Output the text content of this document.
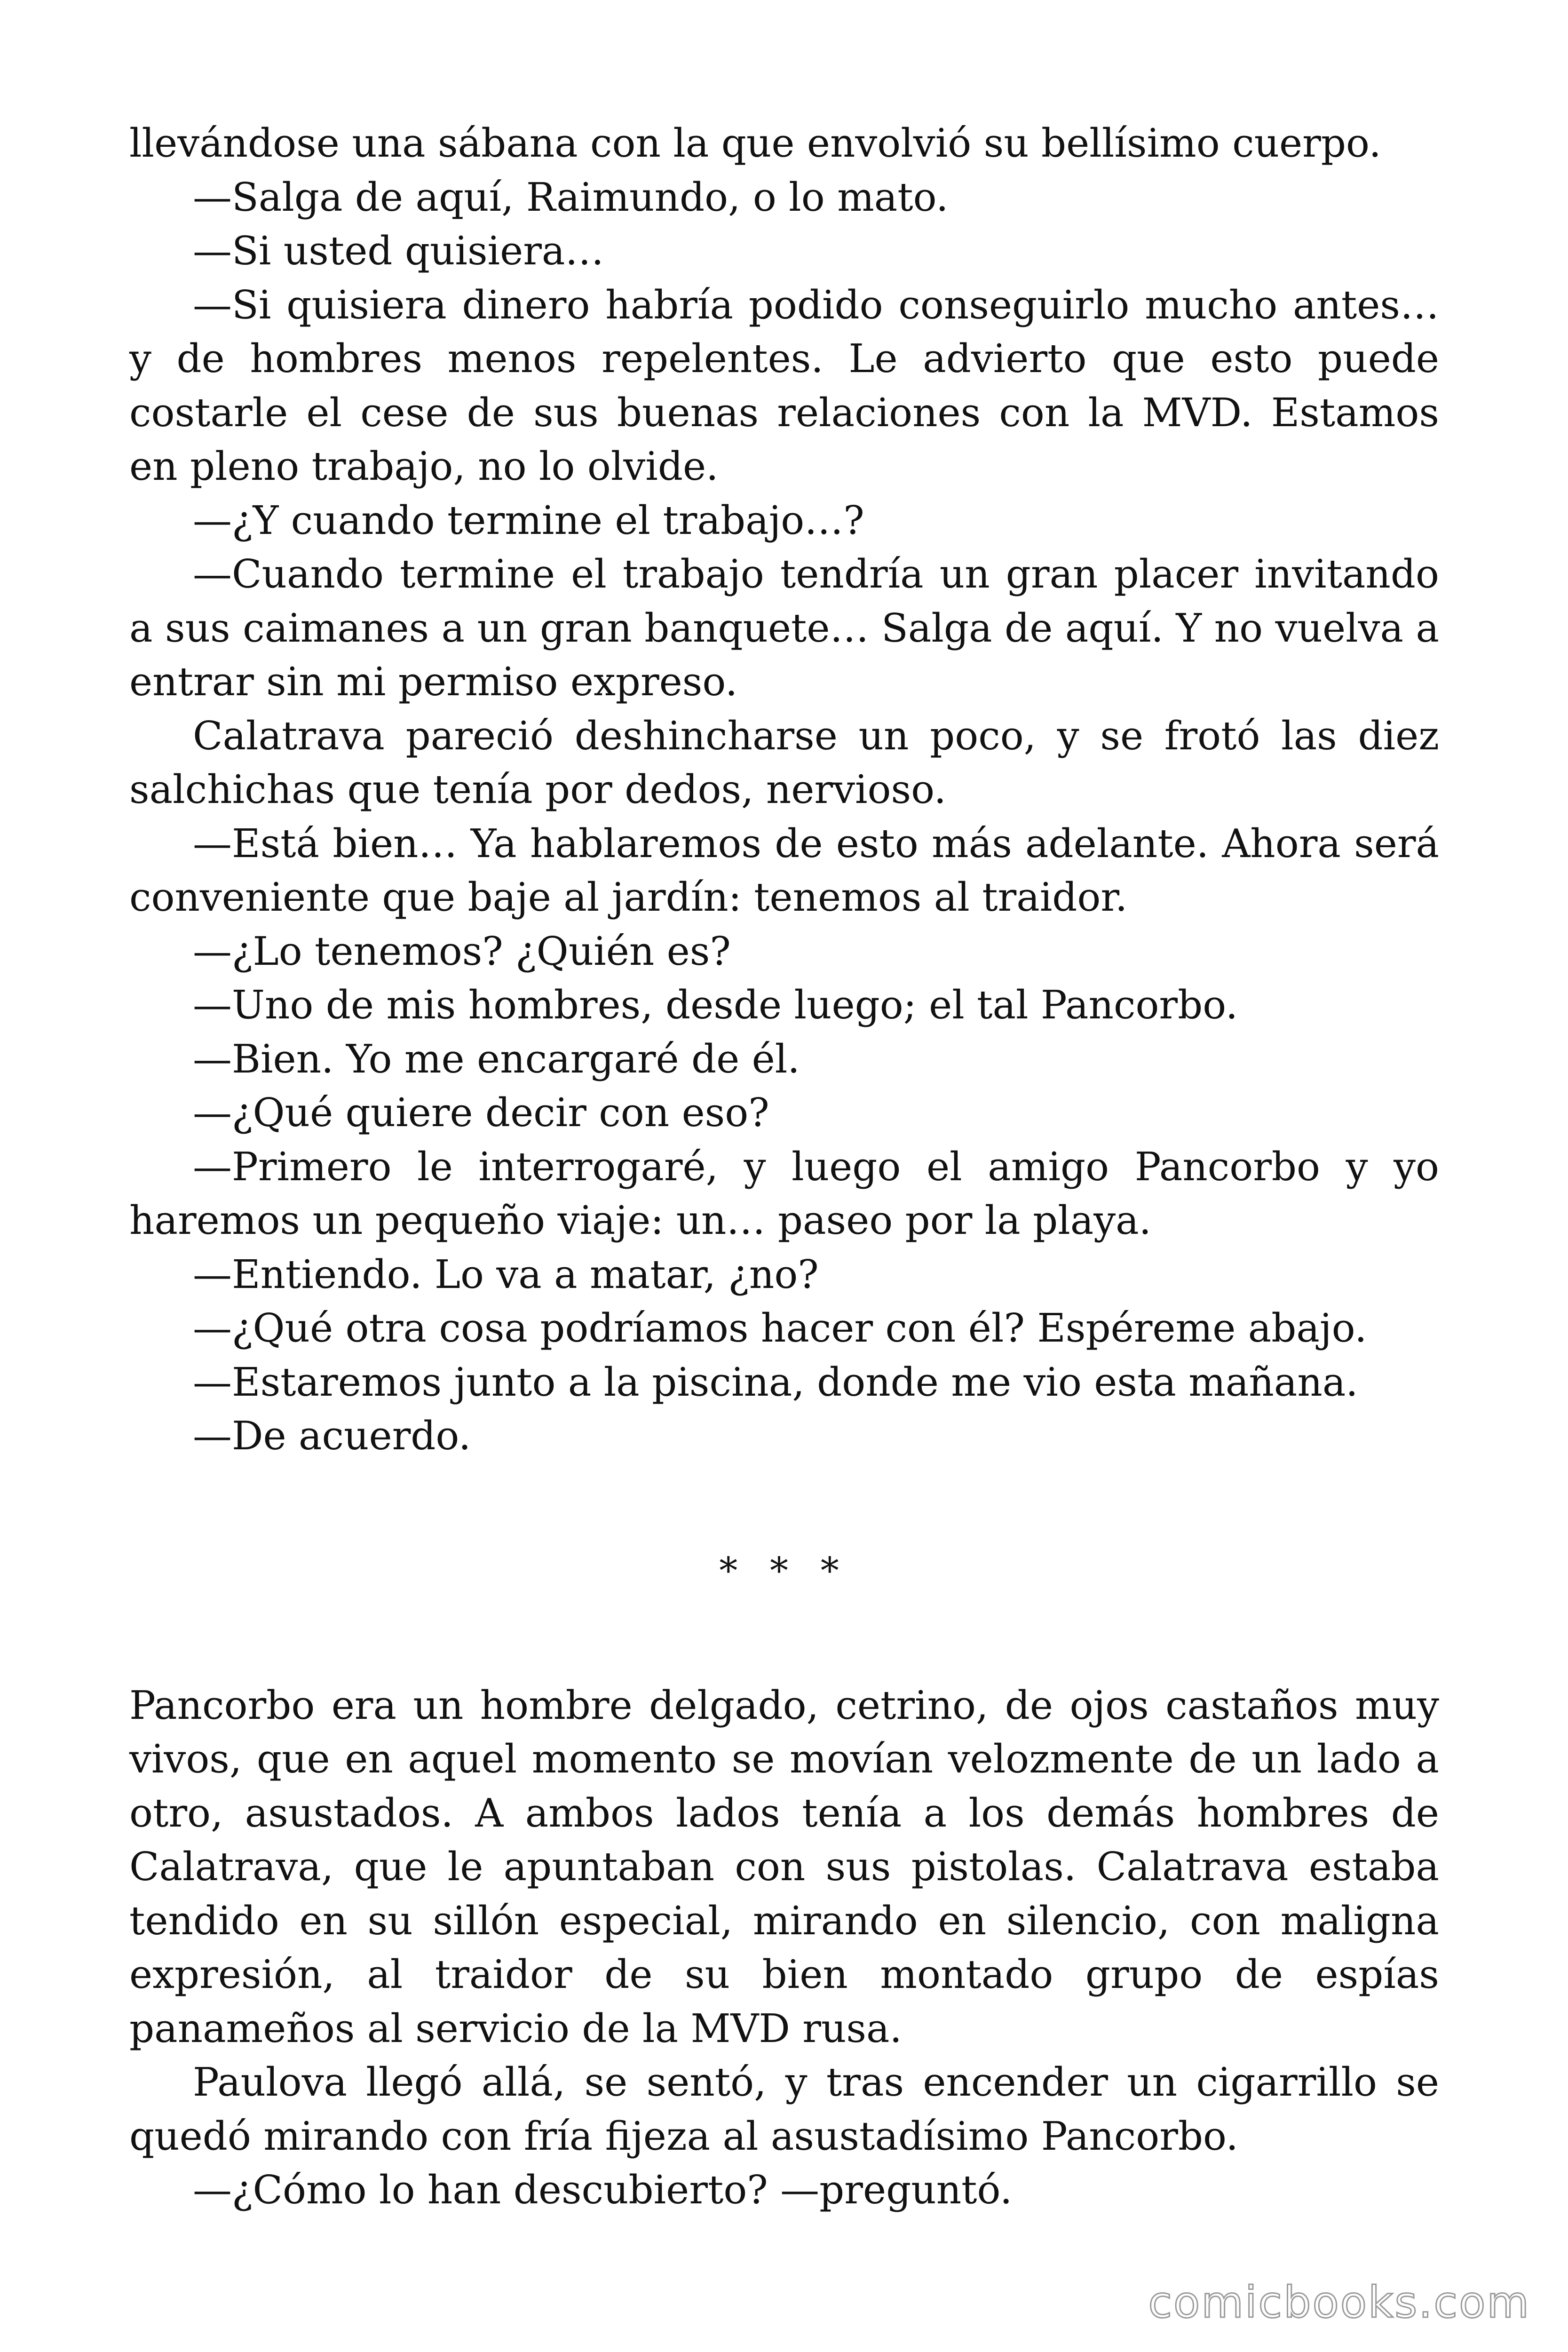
llevándose una sábana con la que envolvió su bellísimo cuerpo.

—Salga de aquí, Raimundo, o lo mato.

—Si usted quisiera…

—Si quisiera dinero habría podido conseguirlo mucho antes… y de hombres menos repelentes. Le advierto que esto puede costarle el cese de sus buenas relaciones con la MVD. Estamos en pleno trabajo, no lo olvide.

—¿Y cuando termine el trabajo…?

—Cuando termine el trabajo tendría un gran placer invitando a sus caimanes a un gran banquete… Salga de aquí. Y no vuelva a entrar sin mi permiso expreso.

Calatrava pareció deshincharse un poco, y se frotó las diez salchichas que tenía por dedos, nervioso.

—Está bien… Ya hablaremos de esto más adelante. Ahora será conveniente que baje al jardín: tenemos al traidor.

—¿Lo tenemos? ¿Quién es?

—Uno de mis hombres, desde luego; el tal Pancorbo.

—Bien. Yo me encargaré de él.

—¿Qué quiere decir con eso?

—Primero le interrogaré, y luego el amigo Pancorbo y yo haremos un pequeño viaje: un… paseo por la playa.

—Entiendo. Lo va a matar, ¿no?

—¿Qué otra cosa podríamos hacer con él? Espéreme abajo.

—Estaremos junto a la piscina, donde me vio esta mañana.

—De acuerdo.

* * *

Pancorbo era un hombre delgado, cetrino, de ojos castaños muy vivos, que en aquel momento se movían velozmente de un lado a otro, asustados. A ambos lados tenía a los demás hombres de Calatrava, que le apuntaban con sus pistolas. Calatrava estaba tendido en su sillón especial, mirando en silencio, con maligna expresión, al traidor de su bien montado grupo de espías panameños al servicio de la MVD rusa.

Paulova llegó allá, se sentó, y tras encender un cigarrillo se quedó mirando con fría fijeza al asustadísimo Pancorbo.

—¿Cómo lo han descubierto? —preguntó.

comicbooks.com
